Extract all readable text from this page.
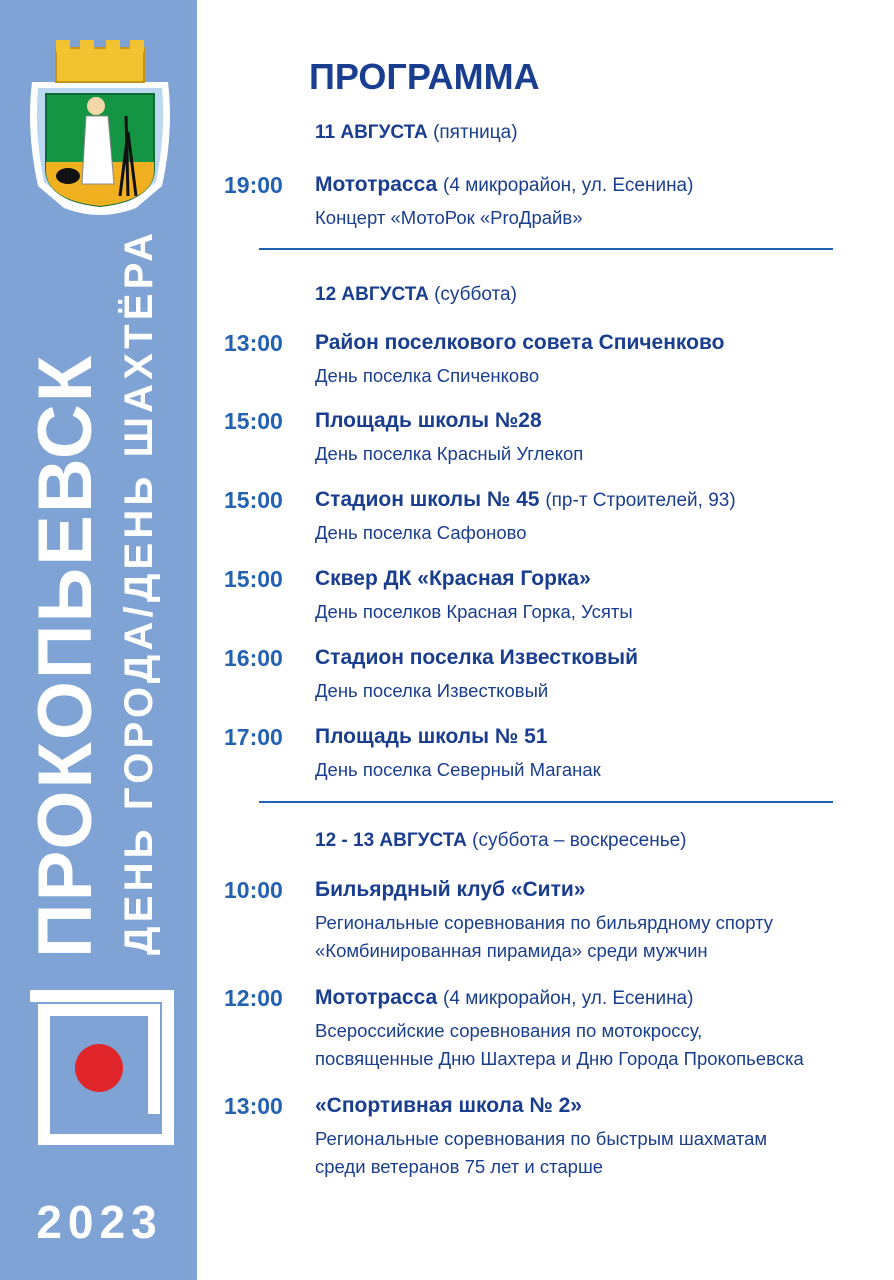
ПРОКОПЬЕВСК ДЕНЬ ГОРОДА/ДЕНЬ ШАХТЁРА
2023
ПРОГРАММА
11 АВГУСТА (пятница)
19:00 Мототрасса (4 микрорайон, ул. Есенина)
Концерт «МотоРок «ProДрайв»
12 АВГУСТА (суббота)
13:00 Район поселкового совета Спиченково
День поселка Спиченково
15:00 Площадь школы №28
День поселка Красный Углекоп
15:00 Стадион школы № 45 (пр-т Строителей, 93)
День поселка Сафоново
15:00 Сквер ДК «Красная Горка»
День поселков Красная Горка, Усяты
16:00 Стадион поселка Известковый
День поселка Известковый
17:00 Площадь школы № 51
День поселка Северный Маганак
12 - 13 АВГУСТА (суббота – воскресенье)
10:00 Бильярдный клуб «Сити»
Региональные соревнования по бильярдному спорту
«Комбинированная пирамида» среди мужчин
12:00 Мототрасса (4 микрорайон, ул. Есенина)
Всероссийские соревнования по мотокроссу,
посвященные Дню Шахтера и Дню Города Прокопьевска
13:00 «Спортивная школа № 2»
Региональные соревнования по быстрым шахматам
среди ветеранов 75 лет и старше
